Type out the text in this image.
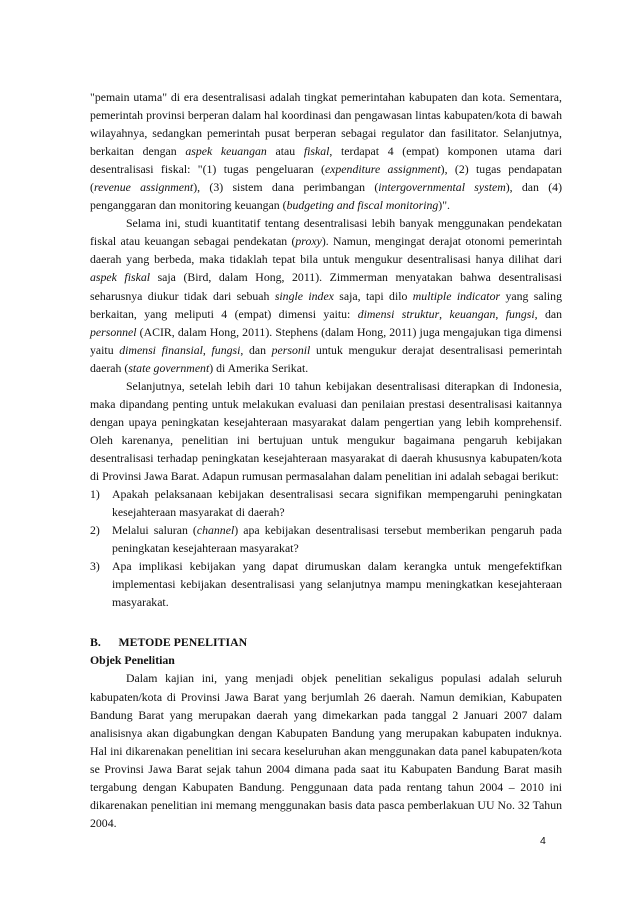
"pemain utama" di era desentralisasi adalah tingkat pemerintahan kabupaten dan kota. Sementara, pemerintah provinsi berperan dalam hal koordinasi dan pengawasan lintas kabupaten/kota di bawah wilayahnya, sedangkan pemerintah pusat berperan sebagai regulator dan fasilitator. Selanjutnya, berkaitan dengan aspek keuangan atau fiskal, terdapat 4 (empat) komponen utama dari desentralisasi fiskal: "(1) tugas pengeluaran (expenditure assignment), (2) tugas pendapatan (revenue assignment), (3) sistem dana perimbangan (intergovernmental system), dan (4) penganggaran dan monitoring keuangan (budgeting and fiscal monitoring)".

Selama ini, studi kuantitatif tentang desentralisasi lebih banyak menggunakan pendekatan fiskal atau keuangan sebagai pendekatan (proxy). Namun, mengingat derajat otonomi pemerintah daerah yang berbeda, maka tidaklah tepat bila untuk mengukur desentralisasi hanya dilihat dari aspek fiskal saja (Bird, dalam Hong, 2011). Zimmerman menyatakan bahwa desentralisasi seharusnya diukur tidak dari sebuah single index saja, tapi dilo multiple indicator yang saling berkaitan, yang meliputi 4 (empat) dimensi yaitu: dimensi struktur, keuangan, fungsi, dan personnel (ACIR, dalam Hong, 2011). Stephens (dalam Hong, 2011) juga mengajukan tiga dimensi yaitu dimensi finansial, fungsi, dan personil untuk mengukur derajat desentralisasi pemerintah daerah (state government) di Amerika Serikat.

Selanjutnya, setelah lebih dari 10 tahun kebijakan desentralisasi diterapkan di Indonesia, maka dipandang penting untuk melakukan evaluasi dan penilaian prestasi desentralisasi kaitannya dengan upaya peningkatan kesejahteraan masyarakat dalam pengertian yang lebih komprehensif. Oleh karenanya, penelitian ini bertujuan untuk mengukur bagaimana pengaruh kebijakan desentralisasi terhadap peningkatan kesejahteraan masyarakat di daerah khususnya kabupaten/kota di Provinsi Jawa Barat. Adapun rumusan permasalahan dalam penelitian ini adalah sebagai berikut:

1) Apakah pelaksanaan kebijakan desentralisasi secara signifikan mempengaruhi peningkatan kesejahteraan masyarakat di daerah?
2) Melalui saluran (channel) apa kebijakan desentralisasi tersebut memberikan pengaruh pada peningkatan kesejahteraan masyarakat?
3) Apa implikasi kebijakan yang dapat dirumuskan dalam kerangka untuk mengefektifkan implementasi kebijakan desentralisasi yang selanjutnya mampu meningkatkan kesejahteraan masyarakat.

B.      METODE PENELITIAN

Objek Penelitian

Dalam kajian ini, yang menjadi objek penelitian sekaligus populasi adalah seluruh kabupaten/kota di Provinsi Jawa Barat yang berjumlah 26 daerah. Namun demikian, Kabupaten Bandung Barat yang merupakan daerah yang dimekarkan pada tanggal 2 Januari 2007 dalam analisisnya akan digabungkan dengan Kabupaten Bandung yang merupakan kabupaten induknya. Hal ini dikarenakan penelitian ini secara keseluruhan akan menggunakan data panel kabupaten/kota se Provinsi Jawa Barat sejak tahun 2004 dimana pada saat itu Kabupaten Bandung Barat masih tergabung dengan Kabupaten Bandung. Penggunaan data pada rentang tahun 2004 – 2010 ini dikarenakan penelitian ini memang menggunakan basis data pasca pemberlakuan UU No. 32 Tahun 2004.

4
